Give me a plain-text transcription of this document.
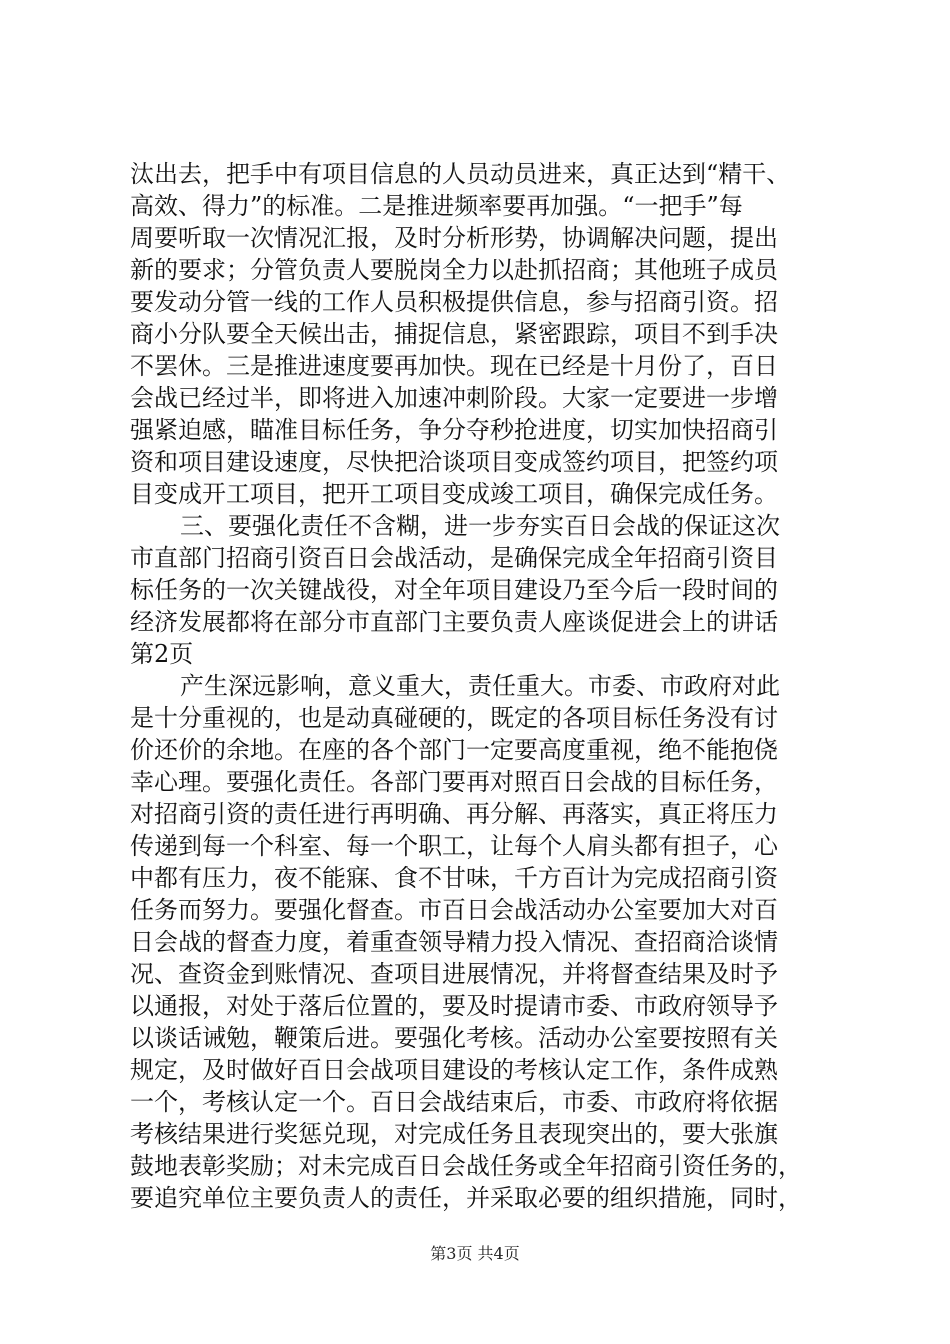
汰出去，把手中有项目信息的人员动员进来，真正达到“精干、
高效、得力”的标准。二是推进频率要再加强。“一把手”每
周要听取一次情况汇报，及时分析形势，协调解决问题，提出
新的要求；分管负责人要脱岗全力以赴抓招商；其他班子成员
要发动分管一线的工作人员积极提供信息，参与招商引资。招
商小分队要全天候出击，捕捉信息，紧密跟踪，项目不到手决
不罢休。三是推进速度要再加快。现在已经是十月份了，百日
会战已经过半，即将进入加速冲刺阶段。大家一定要进一步增
强紧迫感，瞄准目标任务，争分夺秒抢进度，切实加快招商引
资和项目建设速度，尽快把洽谈项目变成签约项目，把签约项
目变成开工项目，把开工项目变成竣工项目，确保完成任务。
三、要强化责任不含糊，进一步夯实百日会战的保证这次
市直部门招商引资百日会战活动，是确保完成全年招商引资目
标任务的一次关键战役，对全年项目建设乃至今后一段时间的
经济发展都将在部分市直部门主要负责人座谈促进会上的讲话
第2页
产生深远影响，意义重大，责任重大。市委、市政府对此
是十分重视的，也是动真碰硬的，既定的各项目标任务没有讨
价还价的余地。在座的各个部门一定要高度重视，绝不能抱侥
幸心理。要强化责任。各部门要再对照百日会战的目标任务，
对招商引资的责任进行再明确、再分解、再落实，真正将压力
传递到每一个科室、每一个职工，让每个人肩头都有担子，心
中都有压力，夜不能寐、食不甘味，千方百计为完成招商引资
任务而努力。要强化督查。市百日会战活动办公室要加大对百
日会战的督查力度，着重查领导精力投入情况、查招商洽谈情
况、查资金到账情况、查项目进展情况，并将督查结果及时予
以通报，对处于落后位置的，要及时提请市委、市政府领导予
以谈话诫勉，鞭策后进。要强化考核。活动办公室要按照有关
规定，及时做好百日会战项目建设的考核认定工作，条件成熟
一个，考核认定一个。百日会战结束后，市委、市政府将依据
考核结果进行奖惩兑现，对完成任务且表现突出的，要大张旗
鼓地表彰奖励；对未完成百日会战任务或全年招商引资任务的，
要追究单位主要负责人的责任，并采取必要的组织措施，同时，
第3页 共4页
